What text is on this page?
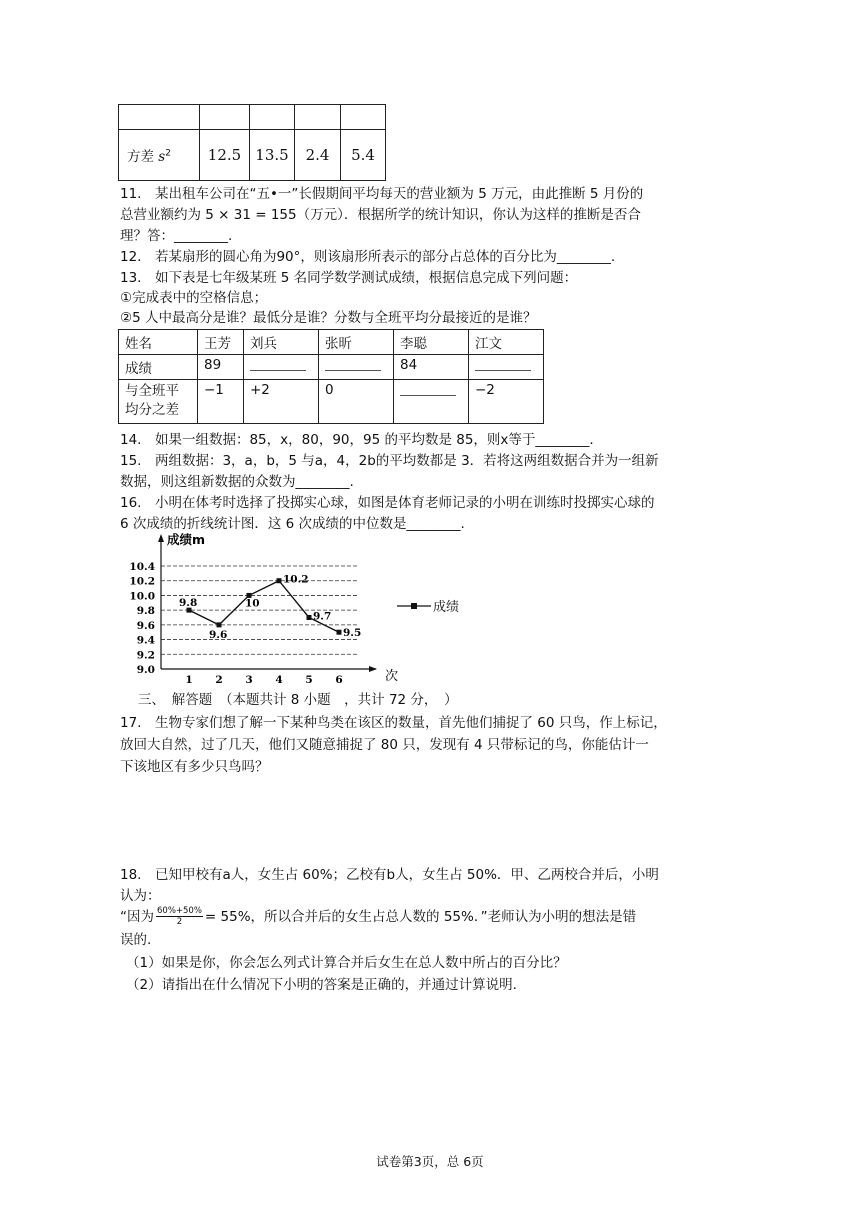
方差 $s^2$	12.5	13.5	2.4	5.4
11.　某出租车公司在“五•一”长假期间平均每天的营业额为 5 万元，由此推断 5 月份的
总营业额约为 5 × 31 = 155（万元）．根据所学的统计知识，你认为这样的推断是否合
理？答：________.
12.　若某扇形的圆心角为90°，则该扇形所表示的部分占总体的百分比为________.
13.　如下表是七年级某班 5 名同学数学测试成绩，根据信息完成下列问题：
①完成表中的空格信息；
②5 人中最高分是谁？最低分是谁？分数与全班平均分最接近的是谁？
姓名	王芳	刘兵	张昕	李聪	江文
成绩	89			84	

与全班平
均分之差	−1	+2	0		−2
14.　如果一组数据：85，x，80，90，95 的平均数是 85，则x等于________.
15.　两组数据：3，a，b，5 与a，4，2b的平均数都是 3．若将这两组数据合并为一组新
数据，则这组新数据的众数为________.
16.　小明在体考时选择了投掷实心球，如图是体育老师记录的小明在训练时投掷实心球的
6 次成绩的折线统计图．这 6 次成绩的中位数是________.
9.0
9.2
9.4
9.6
9.8
10.0
10.2
10.4
成绩m
次
1 2 3 4 5 6
9.8
9.6
10
10.2
9.7
9.5
成绩
三、　解答题　（本题共计 8 小题　，共计 72 分，　）
17.　生物专家们想了解一下某种鸟类在该区的数量，首先他们捕捉了 60 只鸟，作上标记，
放回大自然，过了几天，他们又随意捕捉了 80 只，发现有 4 只带标记的鸟，你能估计一
下该地区有多少只鸟吗？
18.　已知甲校有a人，女生占 60%；乙校有b人，女生占 50%．甲、乙两校合并后，小明
认为：
“因为 $\frac{60\%+50\%}{2} = 55\%$，所以合并后的女生占总人数的 55%．”老师认为小明的想法是错
误的.
（1）如果是你，你会怎么列式计算合并后女生在总人数中所占的百分比？
（2）请指出在什么情况下小明的答案是正确的，并通过计算说明.
试卷第3页，总 6页
